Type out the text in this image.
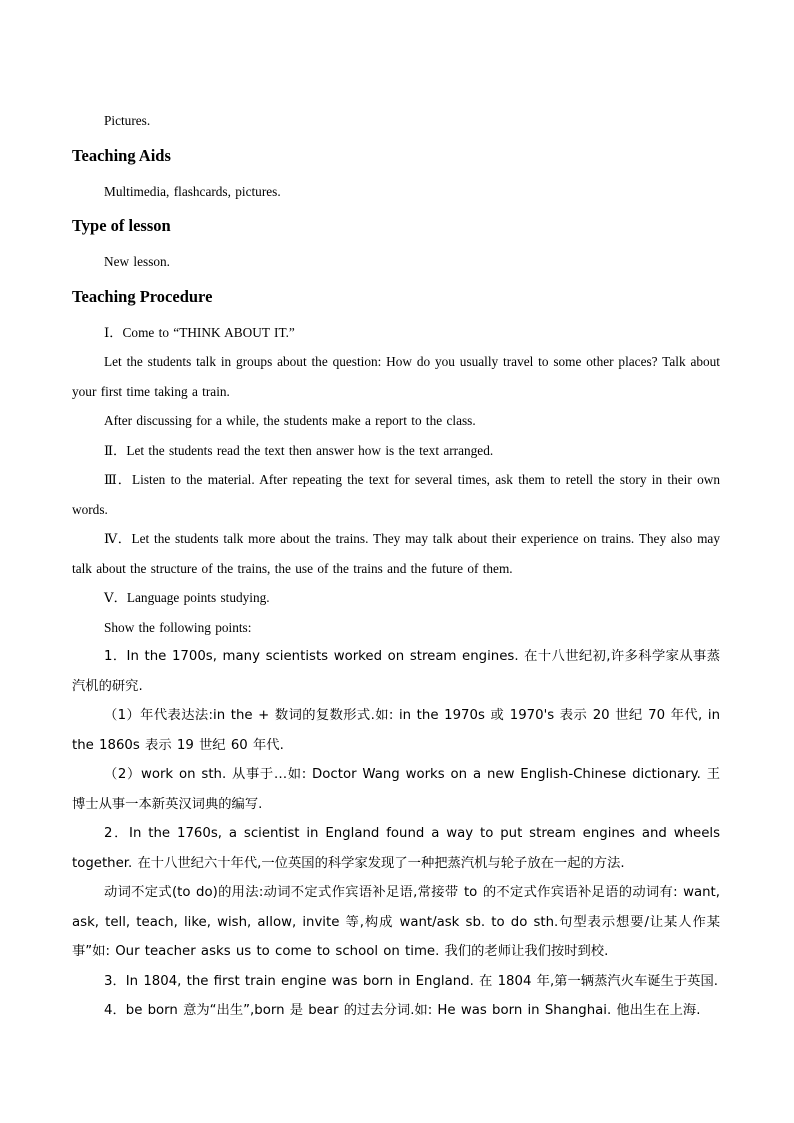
Pictures.

Teaching Aids

Multimedia, flashcards, pictures.

Type of lesson

New lesson.

Teaching Procedure

Ⅰ．Come to “THINK ABOUT IT.”

Let the students talk in groups about the question: How do you usually travel to some other places? Talk about your first time taking a train.

After discussing for a while, the students make a report to the class.

Ⅱ．Let the students read the text then answer how is the text arranged.

Ⅲ．Listen to the material. After repeating the text for several times, ask them to retell the story in their own words.

Ⅳ．Let the students talk more about the trains. They may talk about their experience on trains. They also may talk about the structure of the trains, the use of the trains and the future of them.

Ⅴ．Language points studying.

Show the following points:

1．In the 1700s, many scientists worked on stream engines. 在十八世纪初,许多科学家从事蒸汽机的研究.

（1）年代表达法:in the + 数词的复数形式.如: in the 1970s 或 1970's 表示 20 世纪 70 年代, in the 1860s 表示 19 世纪 60 年代.

（2）work on sth. 从事于…如: Doctor Wang works on a new English-Chinese dictionary. 王博士从事一本新英汉词典的编写.

2．In the 1760s, a scientist in England found a way to put stream engines and wheels together. 在十八世纪六十年代,一位英国的科学家发现了一种把蒸汽机与轮子放在一起的方法.

动词不定式(to do)的用法:动词不定式作宾语补足语,常接带 to 的不定式作宾语补足语的动词有: want, ask, tell, teach, like, wish, allow, invite 等,构成 want/ask sb. to do sth.句型表示想要/让某人作某事”如: Our teacher asks us to come to school on time. 我们的老师让我们按时到校.

3．In 1804, the first train engine was born in England. 在 1804 年,第一辆蒸汽火车诞生于英国.

4．be born 意为“出生”,born 是 bear 的过去分词.如: He was born in Shanghai. 他出生在上海.
